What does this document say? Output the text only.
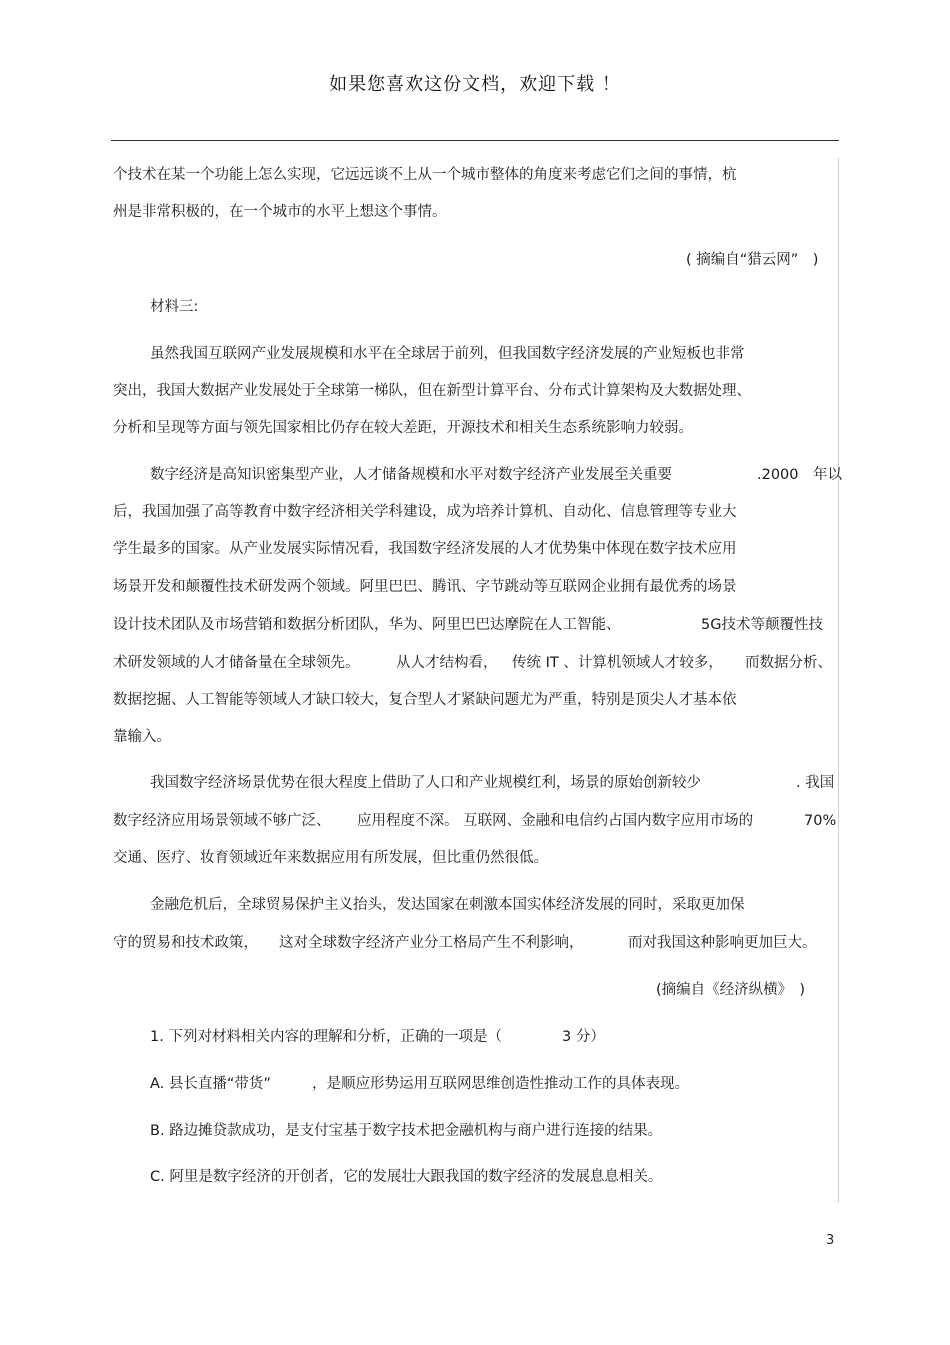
如果您喜欢这份文档，欢迎下载 ！
个技术在某一个功能上怎么实现，它远远谈不上从一个城市整体的角度来考虑它们之间的事情，杭
州是非常积极的，在一个城市的水平上想这个事情。
( 摘编自“猎云网”　)
材料三:
虽然我国互联网产业发展规模和水平在全球居于前列，但我国数字经济发展的产业短板也非常
突出，我国大数据产业发展处于全球第一梯队，但在新型计算平台、分布式计算架构及大数据处理、
分析和呈现等方面与领先国家相比仍存在较大差距，开源技术和相关生态系统影响力较弱。
数字经济是高知识密集型产业，人才储备规模和水平对数字经济产业发展至关重要	.2000　年以
后，我国加强了高等教育中数字经济相关学科建设，成为培养计算机、自动化、信息管理等专业大
学生最多的国家。从产业发展实际情况看，我国数字经济发展的人才优势集中体现在数字技术应用
场景开发和颠覆性技术研发两个领域。阿里巴巴、腾讯、字节跳动等互联网企业拥有最优秀的场景
设计技术团队及市场营销和数据分析团队，华为、阿里巴巴达摩院在人工智能、	5G技术等颠覆性技
术研发领域的人才储备量在全球领先。	从人才结构看， 传统 IT 、计算机领域人才较多， 而数据分析、
数据挖掘、人工智能等领域人才缺口较大，复合型人才紧缺问题尤为严重，特别是顶尖人才基本依
靠输入。
我国数字经济场景优势在很大程度上借助了人口和产业规模红利，场景的原始创新较少	. 我国
数字经济应用场景领域不够广泛、 应用程度不深。 互联网、金融和电信约占国内数字应用市场的	70%
交通、医疗、妆育领域近年来数据应用有所发展，但比重仍然很低。
金融危机后，全球贸易保护主义抬头，发达国家在刺激本国实体经济发展的同时，采取更加保
守的贸易和技术政策， 这对全球数字经济产业分工格局产生不利影响，	而对我国这种影响更加巨大。
(摘编自《经济纵横》　)
1. 下列对材料相关内容的理解和分析，正确的一项是（	3 分）
A. 县长直播“带货”	，是顺应形势运用互联网思维创造性推动工作的具体表现。
B. 路边摊贷款成功，是支付宝基于数字技术把金融机构与商户进行连接的结果。
C. 阿里是数字经济的开创者，它的发展壮大跟我国的数字经济的发展息息相关。
3
